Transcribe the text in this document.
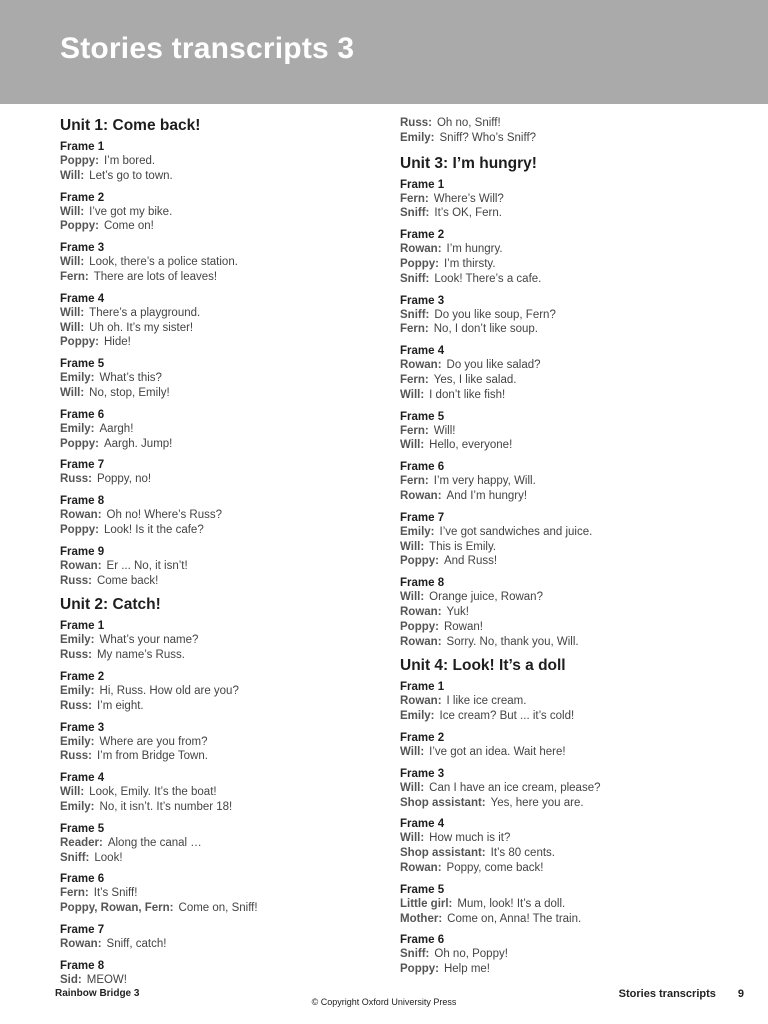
Stories transcripts 3
Unit 1: Come back!
Frame 1
Poppy: I’m bored.
Will: Let’s go to town.
Frame 2
Will: I’ve got my bike.
Poppy: Come on!
Frame 3
Will: Look, there’s a police station.
Fern: There are lots of leaves!
Frame 4
Will: There’s a playground.
Will: Uh oh. It’s my sister!
Poppy: Hide!
Frame 5
Emily: What’s this?
Will: No, stop, Emily!
Frame 6
Emily: Aargh!
Poppy: Aargh. Jump!
Frame 7
Russ: Poppy, no!
Frame 8
Rowan: Oh no! Where’s Russ?
Poppy: Look! Is it the cafe?
Frame 9
Rowan: Er ... No, it isn’t!
Russ: Come back!
Unit 2: Catch!
Frame 1
Emily: What’s your name?
Russ: My name’s Russ.
Frame 2
Emily: Hi, Russ. How old are you?
Russ: I’m eight.
Frame 3
Emily: Where are you from?
Russ: I’m from Bridge Town.
Frame 4
Will: Look, Emily. It’s the boat!
Emily: No, it isn’t. It’s number 18!
Frame 5
Reader: Along the canal …
Sniff: Look!
Frame 6
Fern: It’s Sniff!
Poppy, Rowan, Fern: Come on, Sniff!
Frame 7
Rowan: Sniff, catch!
Frame 8
Sid: MEOW!
Russ: Oh no, Sniff!
Emily: Sniff? Who’s Sniff?
Unit 3: I’m hungry!
Frame 1
Fern: Where’s Will?
Sniff: It’s OK, Fern.
Frame 2
Rowan: I’m hungry.
Poppy: I’m thirsty.
Sniff: Look! There’s a cafe.
Frame 3
Sniff: Do you like soup, Fern?
Fern: No, I don’t like soup.
Frame 4
Rowan: Do you like salad?
Fern: Yes, I like salad.
Will: I don’t like fish!
Frame 5
Fern: Will!
Will: Hello, everyone!
Frame 6
Fern: I’m very happy, Will.
Rowan: And I’m hungry!
Frame 7
Emily: I’ve got sandwiches and juice.
Will: This is Emily.
Poppy: And Russ!
Frame 8
Will: Orange juice, Rowan?
Rowan: Yuk!
Poppy: Rowan!
Rowan: Sorry. No, thank you, Will.
Unit 4: Look! It’s a doll
Frame 1
Rowan: I like ice cream.
Emily: Ice cream? But ... it’s cold!
Frame 2
Will: I’ve got an idea. Wait here!
Frame 3
Will: Can I have an ice cream, please?
Shop assistant: Yes, here you are.
Frame 4
Will: How much is it?
Shop assistant: It’s 80 cents.
Rowan: Poppy, come back!
Frame 5
Little girl: Mum, look! It’s a doll.
Mother: Come on, Anna! The train.
Frame 6
Sniff: Oh no, Poppy!
Poppy: Help me!
Rainbow Bridge 3
© Copyright Oxford University Press
Stories transcripts 9
